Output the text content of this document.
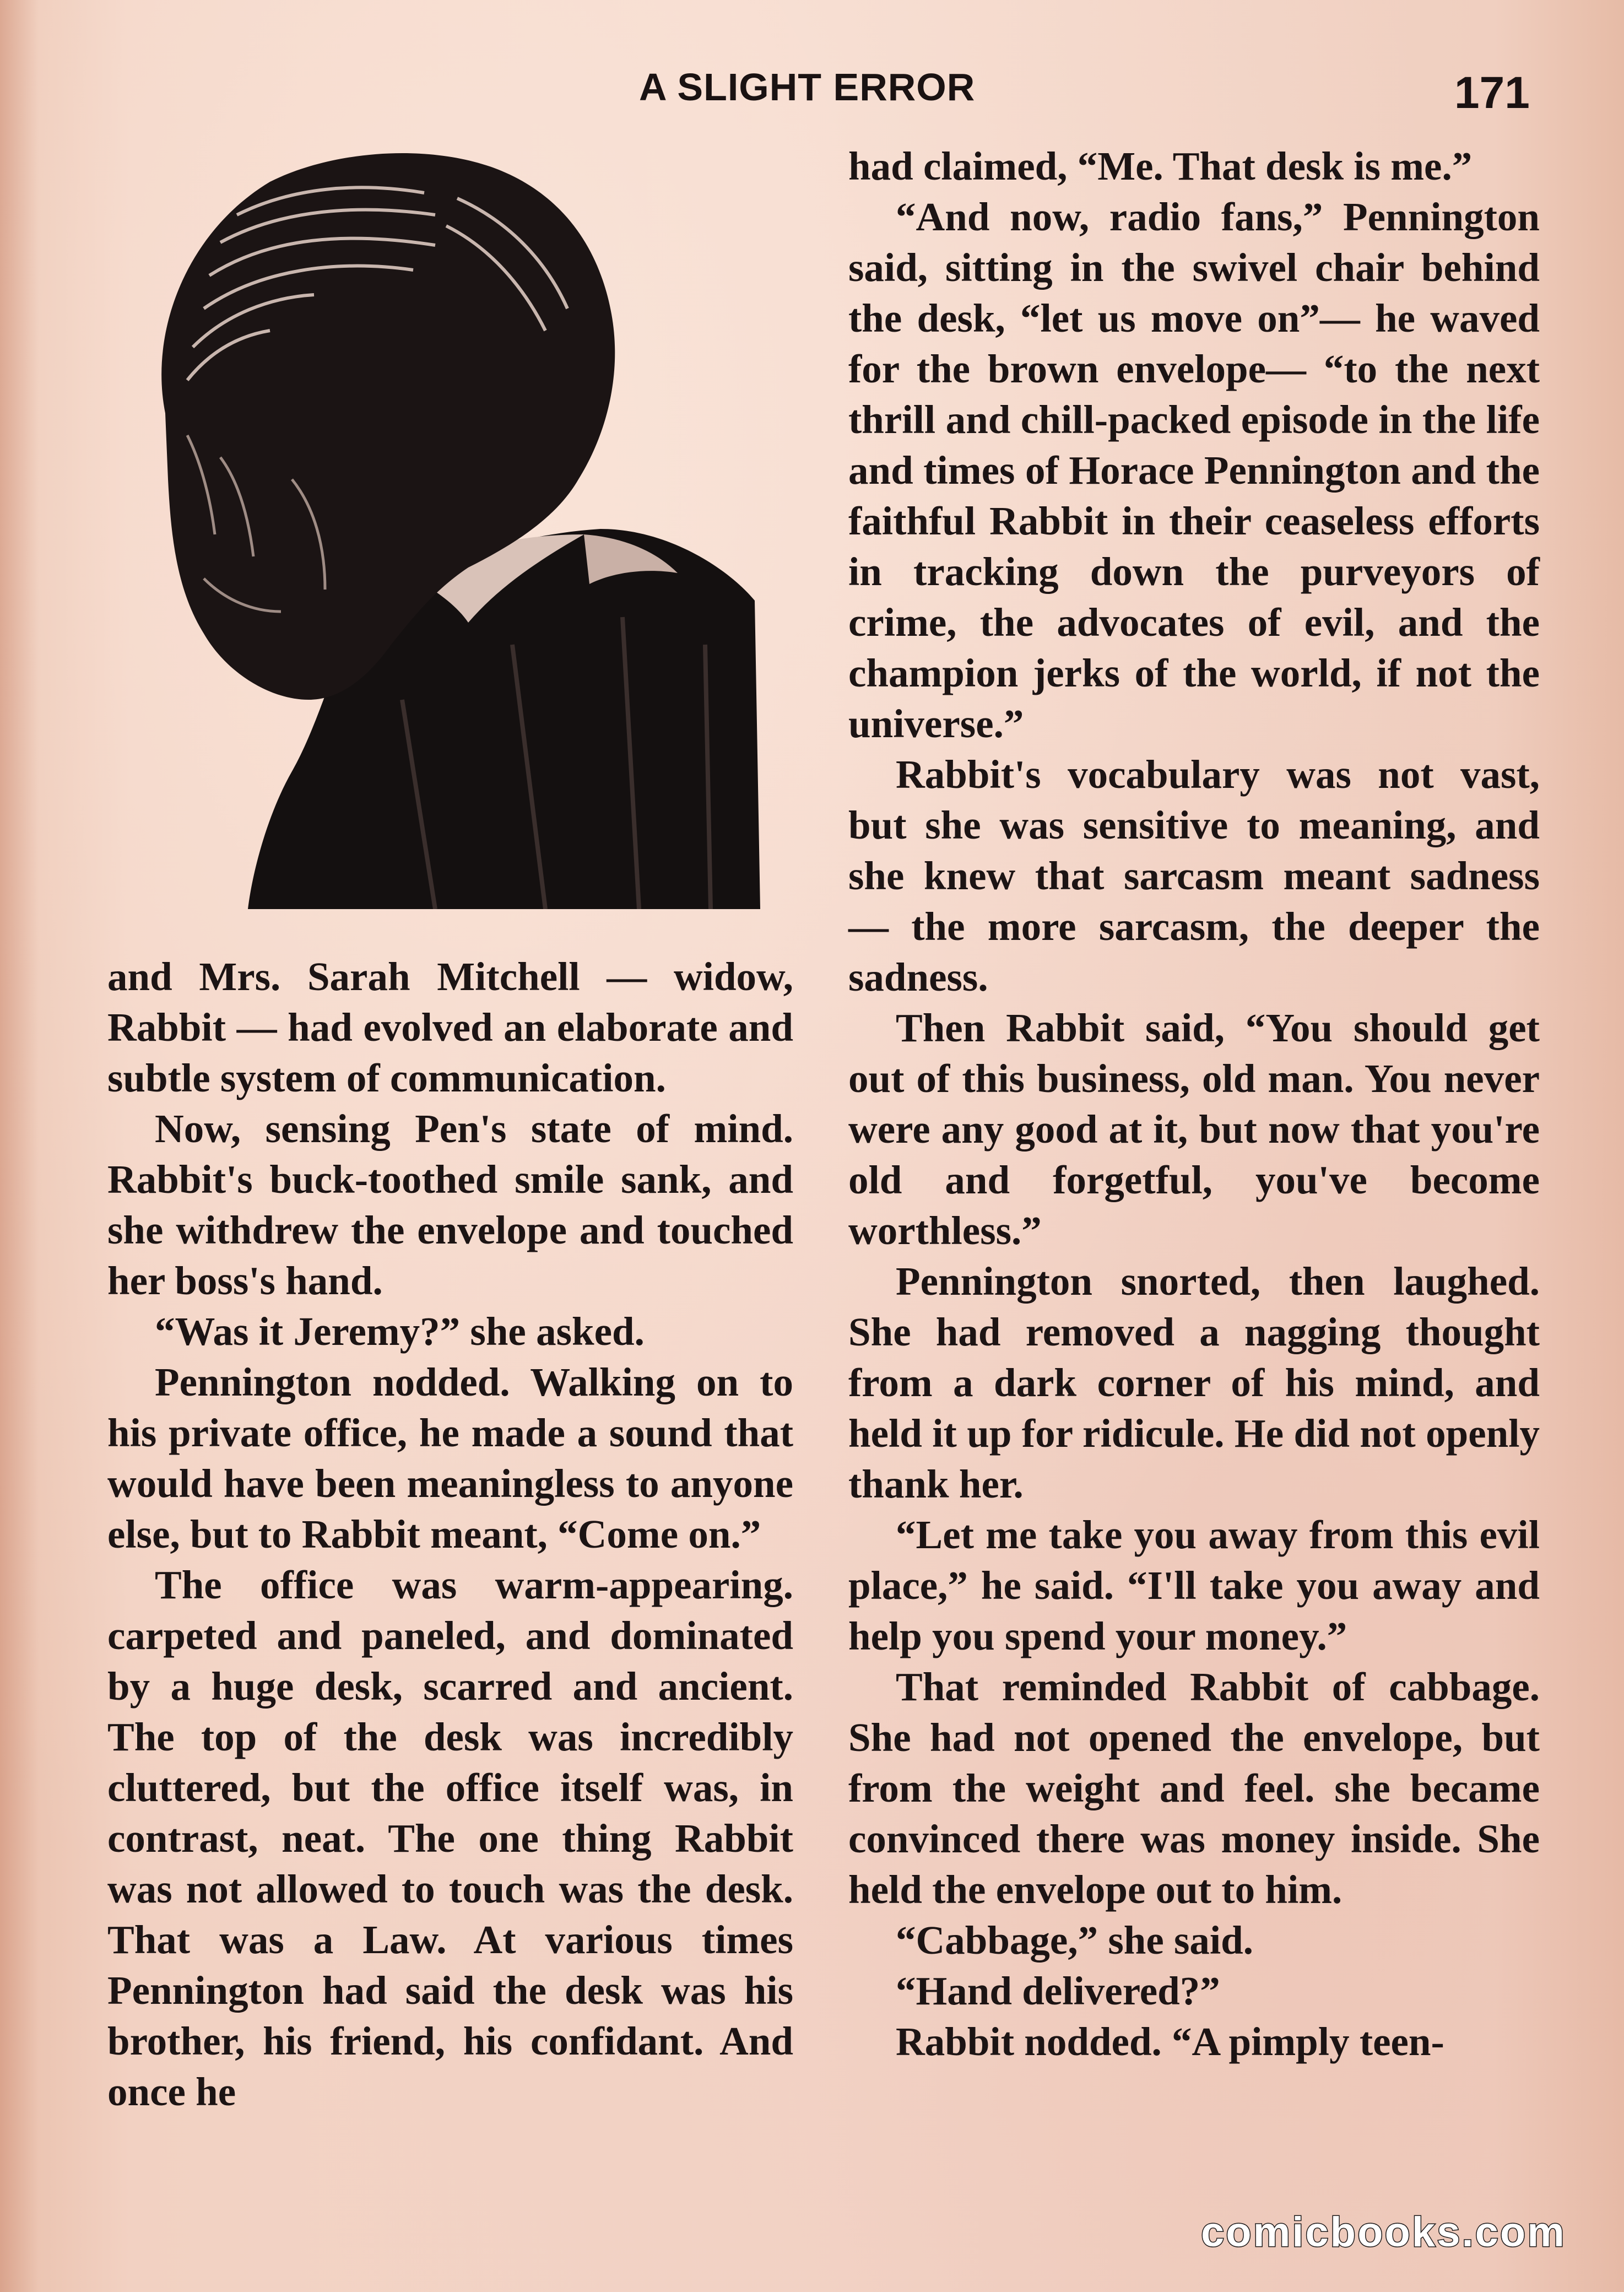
A SLIGHT ERROR	171

and Mrs. Sarah Mitchell — widow, Rabbit — had evolved an elaborate and subtle system of communication.

Now, sensing Pen's state of mind. Rabbit's buck-toothed smile sank, and she withdrew the envelope and touched her boss's hand.

“Was it Jeremy?” she asked.

Pennington nodded. Walking on to his private office, he made a sound that would have been meaningless to anyone else, but to Rabbit meant, “Come on.”

The office was warm-appearing. carpeted and paneled, and dominated by a huge desk, scarred and ancient. The top of the desk was incredibly cluttered, but the office itself was, in contrast, neat. The one thing Rabbit was not allowed to touch was the desk. That was a Law. At various times Pennington had said the desk was his brother, his friend, his confidant. And once he

had claimed, “Me. That desk is me.”

“And now, radio fans,” Pennington said, sitting in the swivel chair behind the desk, “let us move on”— he waved for the brown envelope— “to the next thrill and chill-packed episode in the life and times of Horace Pennington and the faithful Rabbit in their ceaseless efforts in tracking down the purveyors of crime, the advocates of evil, and the champion jerks of the world, if not the universe.”

Rabbit's vocabulary was not vast, but she was sensitive to meaning, and she knew that sarcasm meant sadness — the more sarcasm, the deeper the sadness.

Then Rabbit said, “You should get out of this business, old man. You never were any good at it, but now that you're old and forgetful, you've become worthless.”

Pennington snorted, then laughed. She had removed a nagging thought from a dark corner of his mind, and held it up for ridicule. He did not openly thank her.

“Let me take you away from this evil place,” he said. “I'll take you away and help you spend your money.”

That reminded Rabbit of cabbage. She had not opened the envelope, but from the weight and feel. she became convinced there was money inside. She held the envelope out to him.

“Cabbage,” she said.

“Hand delivered?”

Rabbit nodded. “A pimply teen-

comicbooks.com
